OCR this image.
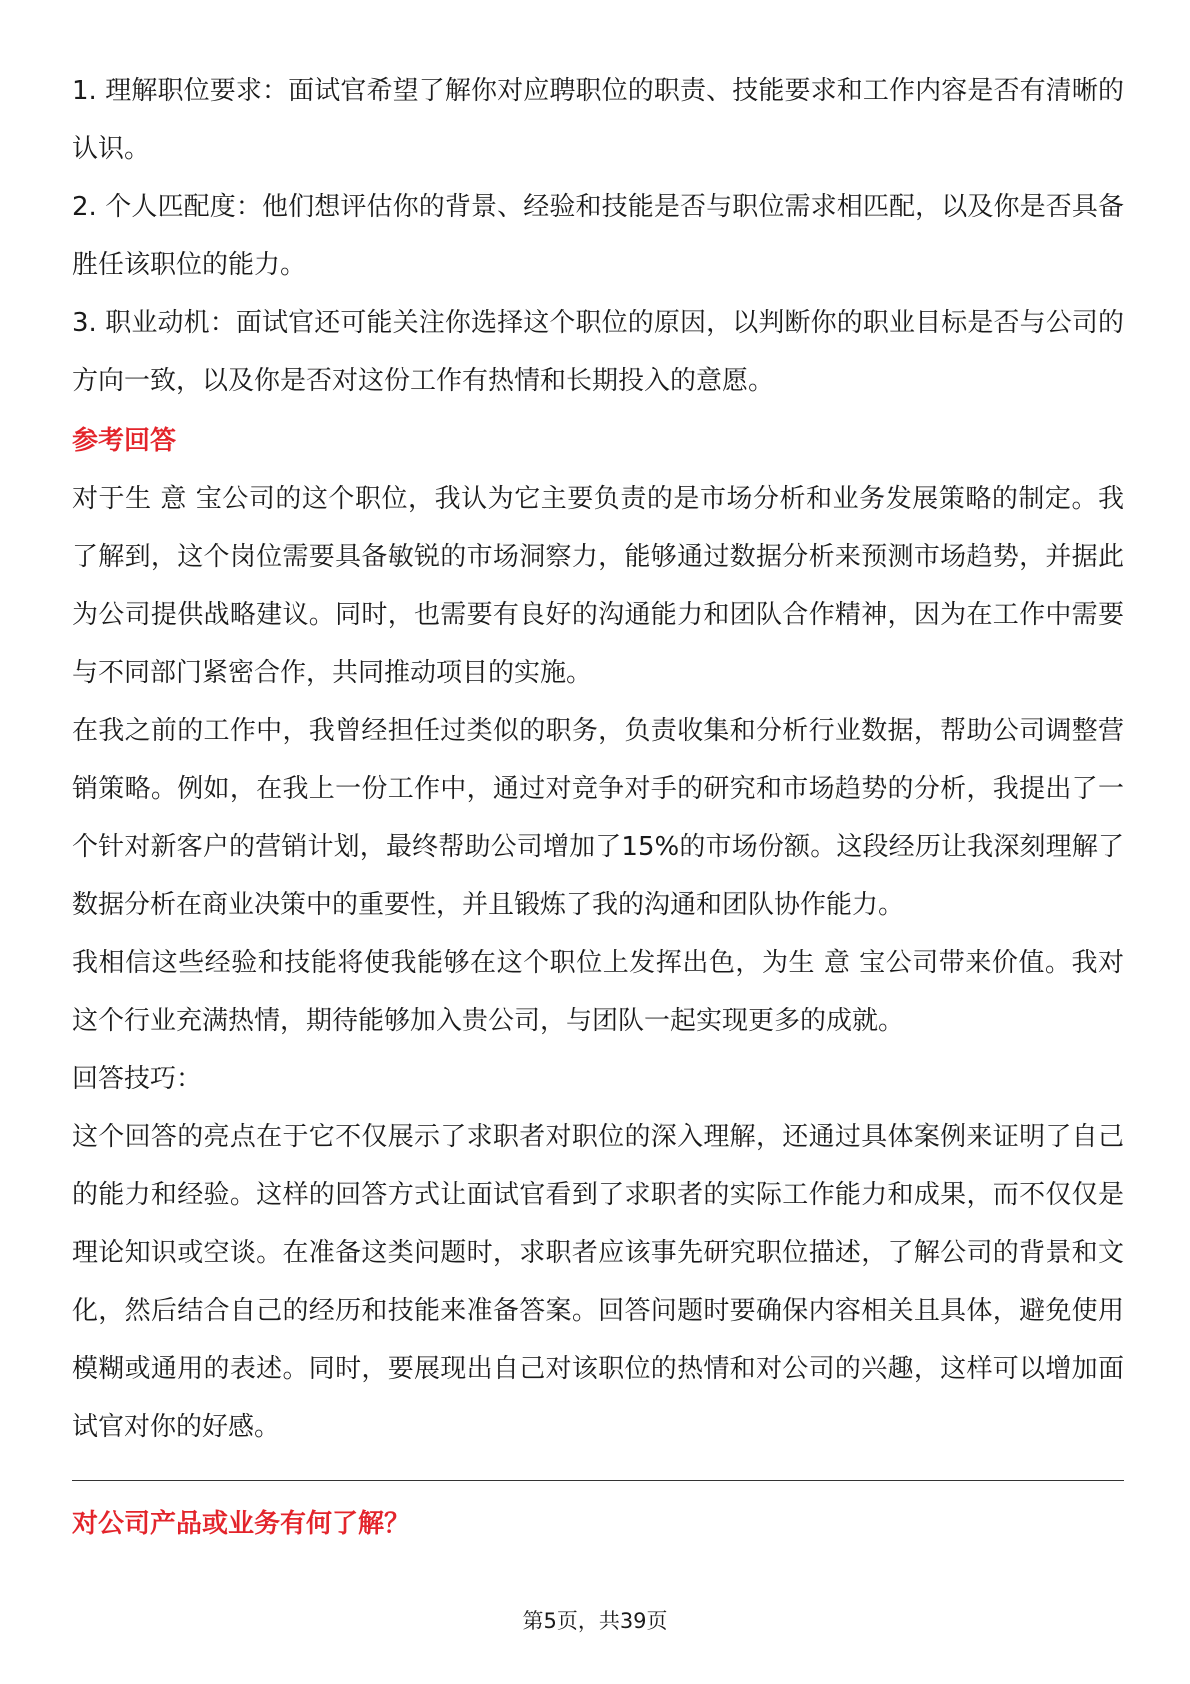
1. 理解职位要求：面试官希望了解你对应聘职位的职责、技能要求和工作内容是否有清晰的认识。

2. 个人匹配度：他们想评估你的背景、经验和技能是否与职位需求相匹配，以及你是否具备胜任该职位的能力。

3. 职业动机：面试官还可能关注你选择这个职位的原因，以判断你的职业目标是否与公司的方向一致，以及你是否对这份工作有热情和长期投入的意愿。

参考回答

对于生 意 宝公司的这个职位，我认为它主要负责的是市场分析和业务发展策略的制定。我了解到，这个岗位需要具备敏锐的市场洞察力，能够通过数据分析来预测市场趋势，并据此为公司提供战略建议。同时，也需要有良好的沟通能力和团队合作精神，因为在工作中需要与不同部门紧密合作，共同推动项目的实施。

在我之前的工作中，我曾经担任过类似的职务，负责收集和分析行业数据，帮助公司调整营销策略。例如，在我上一份工作中，通过对竞争对手的研究和市场趋势的分析，我提出了一个针对新客户的营销计划，最终帮助公司增加了15%的市场份额。这段经历让我深刻理解了数据分析在商业决策中的重要性，并且锻炼了我的沟通和团队协作能力。

我相信这些经验和技能将使我能够在这个职位上发挥出色，为生 意 宝公司带来价值。我对这个行业充满热情，期待能够加入贵公司，与团队一起实现更多的成就。

回答技巧：

这个回答的亮点在于它不仅展示了求职者对职位的深入理解，还通过具体案例来证明了自己的能力和经验。这样的回答方式让面试官看到了求职者的实际工作能力和成果，而不仅仅是理论知识或空谈。在准备这类问题时，求职者应该事先研究职位描述，了解公司的背景和文化，然后结合自己的经历和技能来准备答案。回答问题时要确保内容相关且具体，避免使用模糊或通用的表述。同时，要展现出自己对该职位的热情和对公司的兴趣，这样可以增加面试官对你的好感。

对公司产品或业务有何了解？

第5页，共39页
